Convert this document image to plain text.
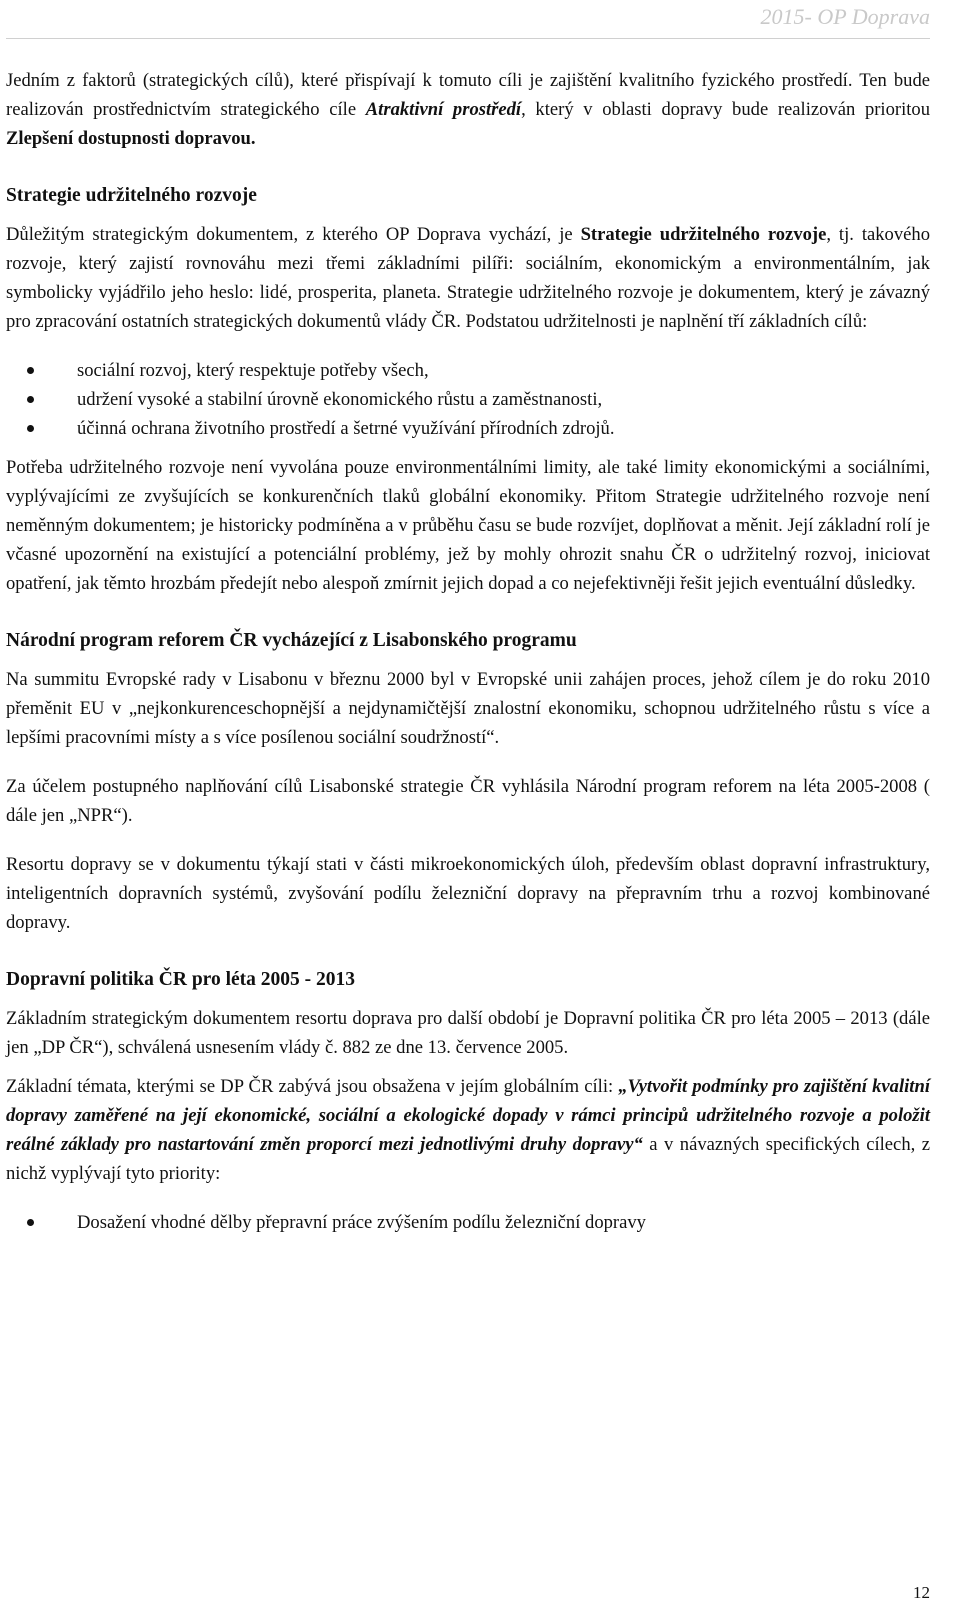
2015- OP Doprava

Jedním z faktorů (strategických cílů), které přispívají k tomuto cíli je zajištění kvalitního fyzického prostředí. Ten bude realizován prostřednictvím strategického cíle Atraktivní prostředí, který v oblasti dopravy bude realizován prioritou Zlepšení dostupnosti dopravou.

Strategie udržitelného rozvoje

Důležitým strategickým dokumentem, z kterého OP Doprava vychází, je Strategie udržitelného rozvoje, tj. takového rozvoje, který zajistí rovnováhu mezi třemi základními pilíři: sociálním, ekonomickým a environmentálním, jak symbolicky vyjádřilo jeho heslo: lidé, prosperita, planeta. Strategie udržitelného rozvoje je dokumentem, který je závazný pro zpracování ostatních strategických dokumentů vlády ČR. Podstatou udržitelnosti je naplnění tří základních cílů:

sociální rozvoj, který respektuje potřeby všech,
udržení vysoké a stabilní úrovně ekonomického růstu a zaměstnanosti,
účinná ochrana životního prostředí a šetrné využívání přírodních zdrojů.

Potřeba udržitelného rozvoje není vyvolána pouze environmentálními limity, ale také limity ekonomickými a sociálními, vyplývajícími ze zvyšujících se konkurenčních tlaků globální ekonomiky. Přitom Strategie udržitelného rozvoje není neměnným dokumentem; je historicky podmíněna a v průběhu času se bude rozvíjet, doplňovat a měnit. Její základní rolí je včasné upozornění na existující a potenciální problémy, jež by mohly ohrozit snahu ČR o udržitelný rozvoj, iniciovat opatření, jak těmto hrozbám předejít nebo alespoň zmírnit jejich dopad a co nejefektivněji řešit jejich eventuální důsledky.

Národní program reforem ČR vycházející z Lisabonského programu

Na summitu Evropské rady v Lisabonu v březnu 2000 byl v Evropské unii zahájen proces, jehož cílem je do roku 2010 přeměnit EU v „nejkonkurenceschopnější a nejdynamičtější znalostní ekonomiku, schopnou udržitelného růstu s více a lepšími pracovními místy a s více posílenou sociální soudržností“.

Za účelem postupného naplňování cílů Lisabonské strategie ČR vyhlásila Národní program reforem na léta 2005-2008 ( dále jen „NPR“).

Resortu dopravy se v dokumentu týkají stati v části mikroekonomických úloh, především oblast dopravní infrastruktury, inteligentních dopravních systémů, zvyšování podílu železniční dopravy na přepravním trhu a rozvoj kombinované dopravy.

Dopravní politika ČR pro léta 2005 - 2013

Základním strategickým dokumentem resortu doprava pro další období je Dopravní politika ČR pro léta 2005 – 2013 (dále jen „DP ČR“), schválená usnesením vlády č. 882 ze dne 13. července 2005.

Základní témata, kterými se DP ČR zabývá jsou obsažena v jejím globálním cíli: „Vytvořit podmínky pro zajištění kvalitní dopravy zaměřené na její ekonomické, sociální a ekologické dopady v rámci principů udržitelného rozvoje a položit reálné základy pro nastartování změn proporcí mezi jednotlivými druhy dopravy“ a v návazných specifických cílech, z nichž vyplývají tyto priority:

Dosažení vhodné dělby přepravní práce zvýšením podílu železniční dopravy
12
